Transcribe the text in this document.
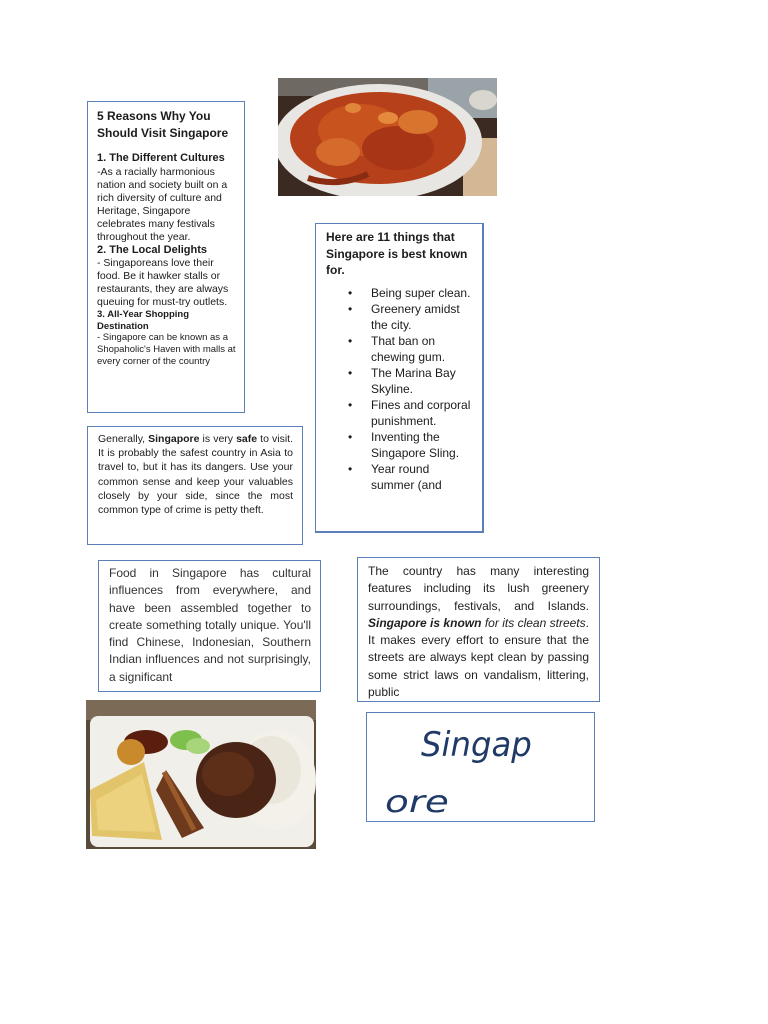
5 Reasons Why You Should Visit Singapore
1. The Different Cultures
-As a racially harmonious nation and society built on a rich diversity of culture and Heritage, Singapore celebrates many festivals throughout the year.
2. The Local Delights
- Singaporeans love their food. Be it hawker stalls or restaurants, they are always queuing for must-try outlets.
3. All-Year Shopping Destination
- Singapore can be known as a Shopaholic's Haven with malls at every corner of the country
Generally, Singapore is very safe to visit. It is probably the safest country in Asia to travel to, but it has its dangers. Use your common sense and keep your valuables closely by your side, since the most common type of crime is petty theft.
Here are 11 things that Singapore is best known for.
• Being super clean.
• Greenery amidst the city.
• That ban on chewing gum.
• The Marina Bay Skyline.
• Fines and corporal punishment.
• Inventing the Singapore Sling.
• Year round summer (and
Food in Singapore has cultural influences from everywhere, and have been assembled together to create something totally unique. You'll find Chinese, Indonesian, Southern Indian influences and not surprisingly, a significant
The country has many interesting features including its lush greenery surroundings, festivals, and Islands. Singapore is known for its clean streets. It makes every effort to ensure that the streets are always kept clean by passing some strict laws on vandalism, littering, public
Singap
ore
